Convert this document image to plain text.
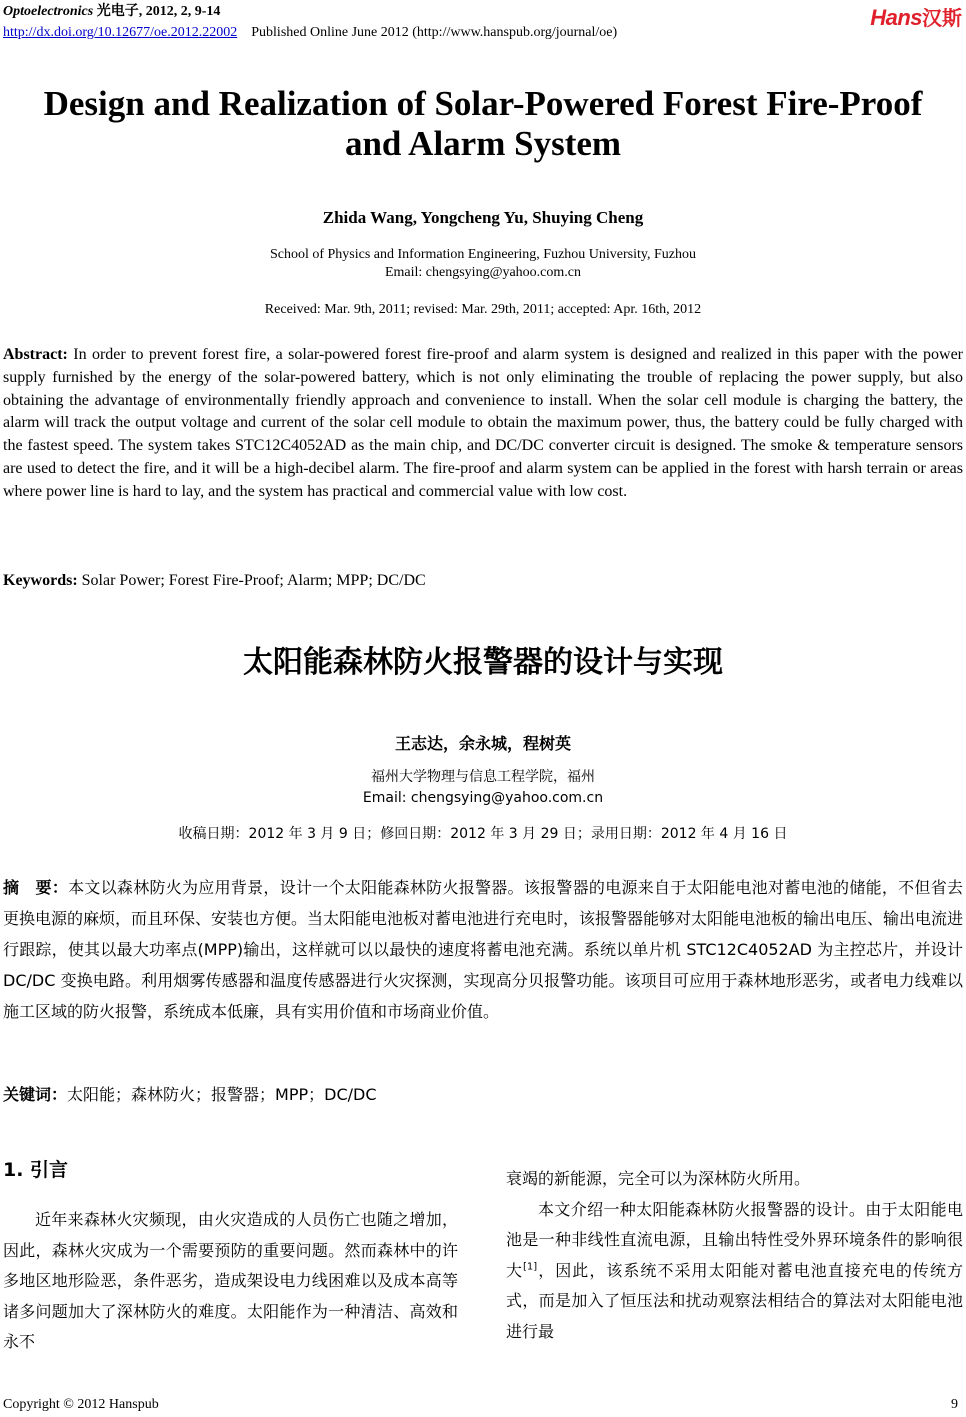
Optoelectronics 光电子, 2012, 2, 9-14
http://dx.doi.org/10.12677/oe.2012.22002 Published Online June 2012 (http://www.hanspub.org/journal/oe)
Hans汉斯
Design and Realization of Solar-Powered Forest Fire-Proof
and Alarm System
Zhida Wang, Yongcheng Yu, Shuying Cheng
School of Physics and Information Engineering, Fuzhou University, Fuzhou
Email: chengsying@yahoo.com.cn
Received: Mar. 9th, 2011; revised: Mar. 29th, 2011; accepted: Apr. 16th, 2012
Abstract: In order to prevent forest fire, a solar-powered forest fire-proof and alarm system is designed and realized in this paper with the power supply furnished by the energy of the solar-powered battery, which is not only eliminating the trouble of replacing the power supply, but also obtaining the advantage of environmentally friendly approach and convenience to install. When the solar cell module is charging the battery, the alarm will track the output voltage and current of the solar cell module to obtain the maximum power, thus, the battery could be fully charged with the fastest speed. The system takes STC12C4052AD as the main chip, and DC/DC converter circuit is designed. The smoke & temperature sensors are used to detect the fire, and it will be a high-decibel alarm. The fire-proof and alarm system can be applied in the forest with harsh terrain or areas where power line is hard to lay, and the system has practical and commercial value with low cost.
Keywords: Solar Power; Forest Fire-Proof; Alarm; MPP; DC/DC
太阳能森林防火报警器的设计与实现
王志达，余永城，程树英
福州大学物理与信息工程学院，福州
Email: chengsying@yahoo.com.cn
收稿日期：2012 年 3 月 9 日；修回日期：2012 年 3 月 29 日；录用日期：2012 年 4 月 16 日
摘　要：本文以森林防火为应用背景，设计一个太阳能森林防火报警器。该报警器的电源来自于太阳能电池对蓄电池的储能，不但省去更换电源的麻烦，而且环保、安装也方便。当太阳能电池板对蓄电池进行充电时，该报警器能够对太阳能电池板的输出电压、输出电流进行跟踪，使其以最大功率点(MPP)输出，这样就可以以最快的速度将蓄电池充满。系统以单片机 STC12C4052AD 为主控芯片，并设计 DC/DC 变换电路。利用烟雾传感器和温度传感器进行火灾探测，实现高分贝报警功能。该项目可应用于森林地形恶劣，或者电力线难以施工区域的防火报警，系统成本低廉，具有实用价值和市场商业价值。
关键词：太阳能；森林防火；报警器；MPP；DC/DC
1. 引言
近年来森林火灾频现，由火灾造成的人员伤亡也随之增加，因此，森林火灾成为一个需要预防的重要问题。然而森林中的许多地区地形险恶，条件恶劣，造成架设电力线困难以及成本高等诸多问题加大了深林防火的难度。太阳能作为一种清洁、高效和永不
衰竭的新能源，完全可以为深林防火所用。
本文介绍一种太阳能森林防火报警器的设计。由于太阳能电池是一种非线性直流电源，且输出特性受外界环境条件的影响很大[1]，因此，该系统不采用太阳能对蓄电池直接充电的传统方式，而是加入了恒压法和扰动观察法相结合的算法对太阳能电池进行最
Copyright © 2012 Hanspub	9
